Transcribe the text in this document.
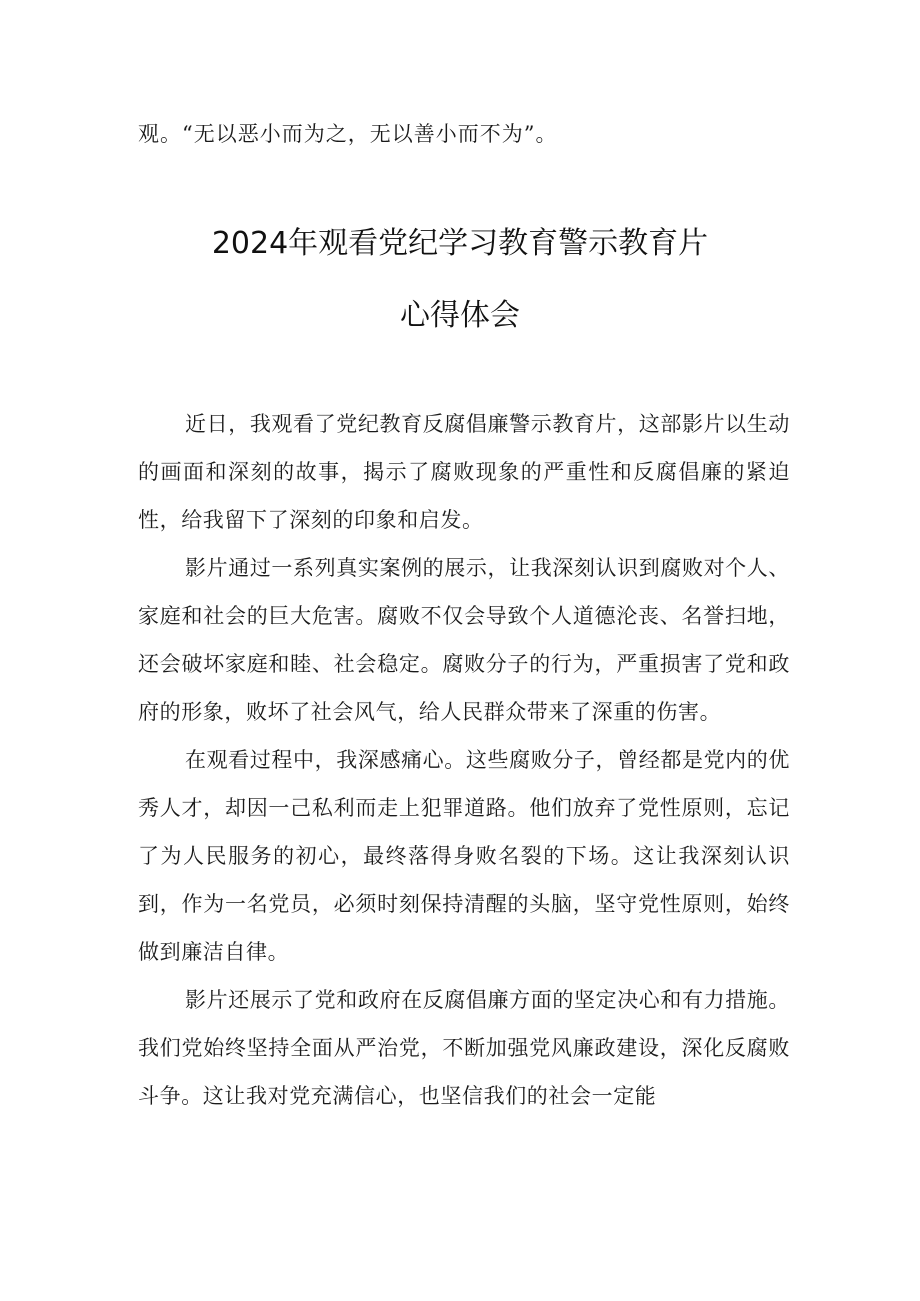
观。“无以恶小而为之，无以善小而不为”。
2024年观看党纪学习教育警示教育片
心得体会

近日，我观看了党纪教育反腐倡廉警示教育片，这部影片以生动的画面和深刻的故事，揭示了腐败现象的严重性和反腐倡廉的紧迫性，给我留下了深刻的印象和启发。

影片通过一系列真实案例的展示，让我深刻认识到腐败对个人、家庭和社会的巨大危害。腐败不仅会导致个人道德沦丧、名誉扫地，还会破坏家庭和睦、社会稳定。腐败分子的行为，严重损害了党和政府的形象，败坏了社会风气，给人民群众带来了深重的伤害。

在观看过程中，我深感痛心。这些腐败分子，曾经都是党内的优秀人才，却因一己私利而走上犯罪道路。他们放弃了党性原则，忘记了为人民服务的初心，最终落得身败名裂的下场。这让我深刻认识到，作为一名党员，必须时刻保持清醒的头脑，坚守党性原则，始终做到廉洁自律。

影片还展示了党和政府在反腐倡廉方面的坚定决心和有力措施。我们党始终坚持全面从严治党，不断加强党风廉政建设，深化反腐败斗争。这让我对党充满信心，也坚信我们的社会一定能
